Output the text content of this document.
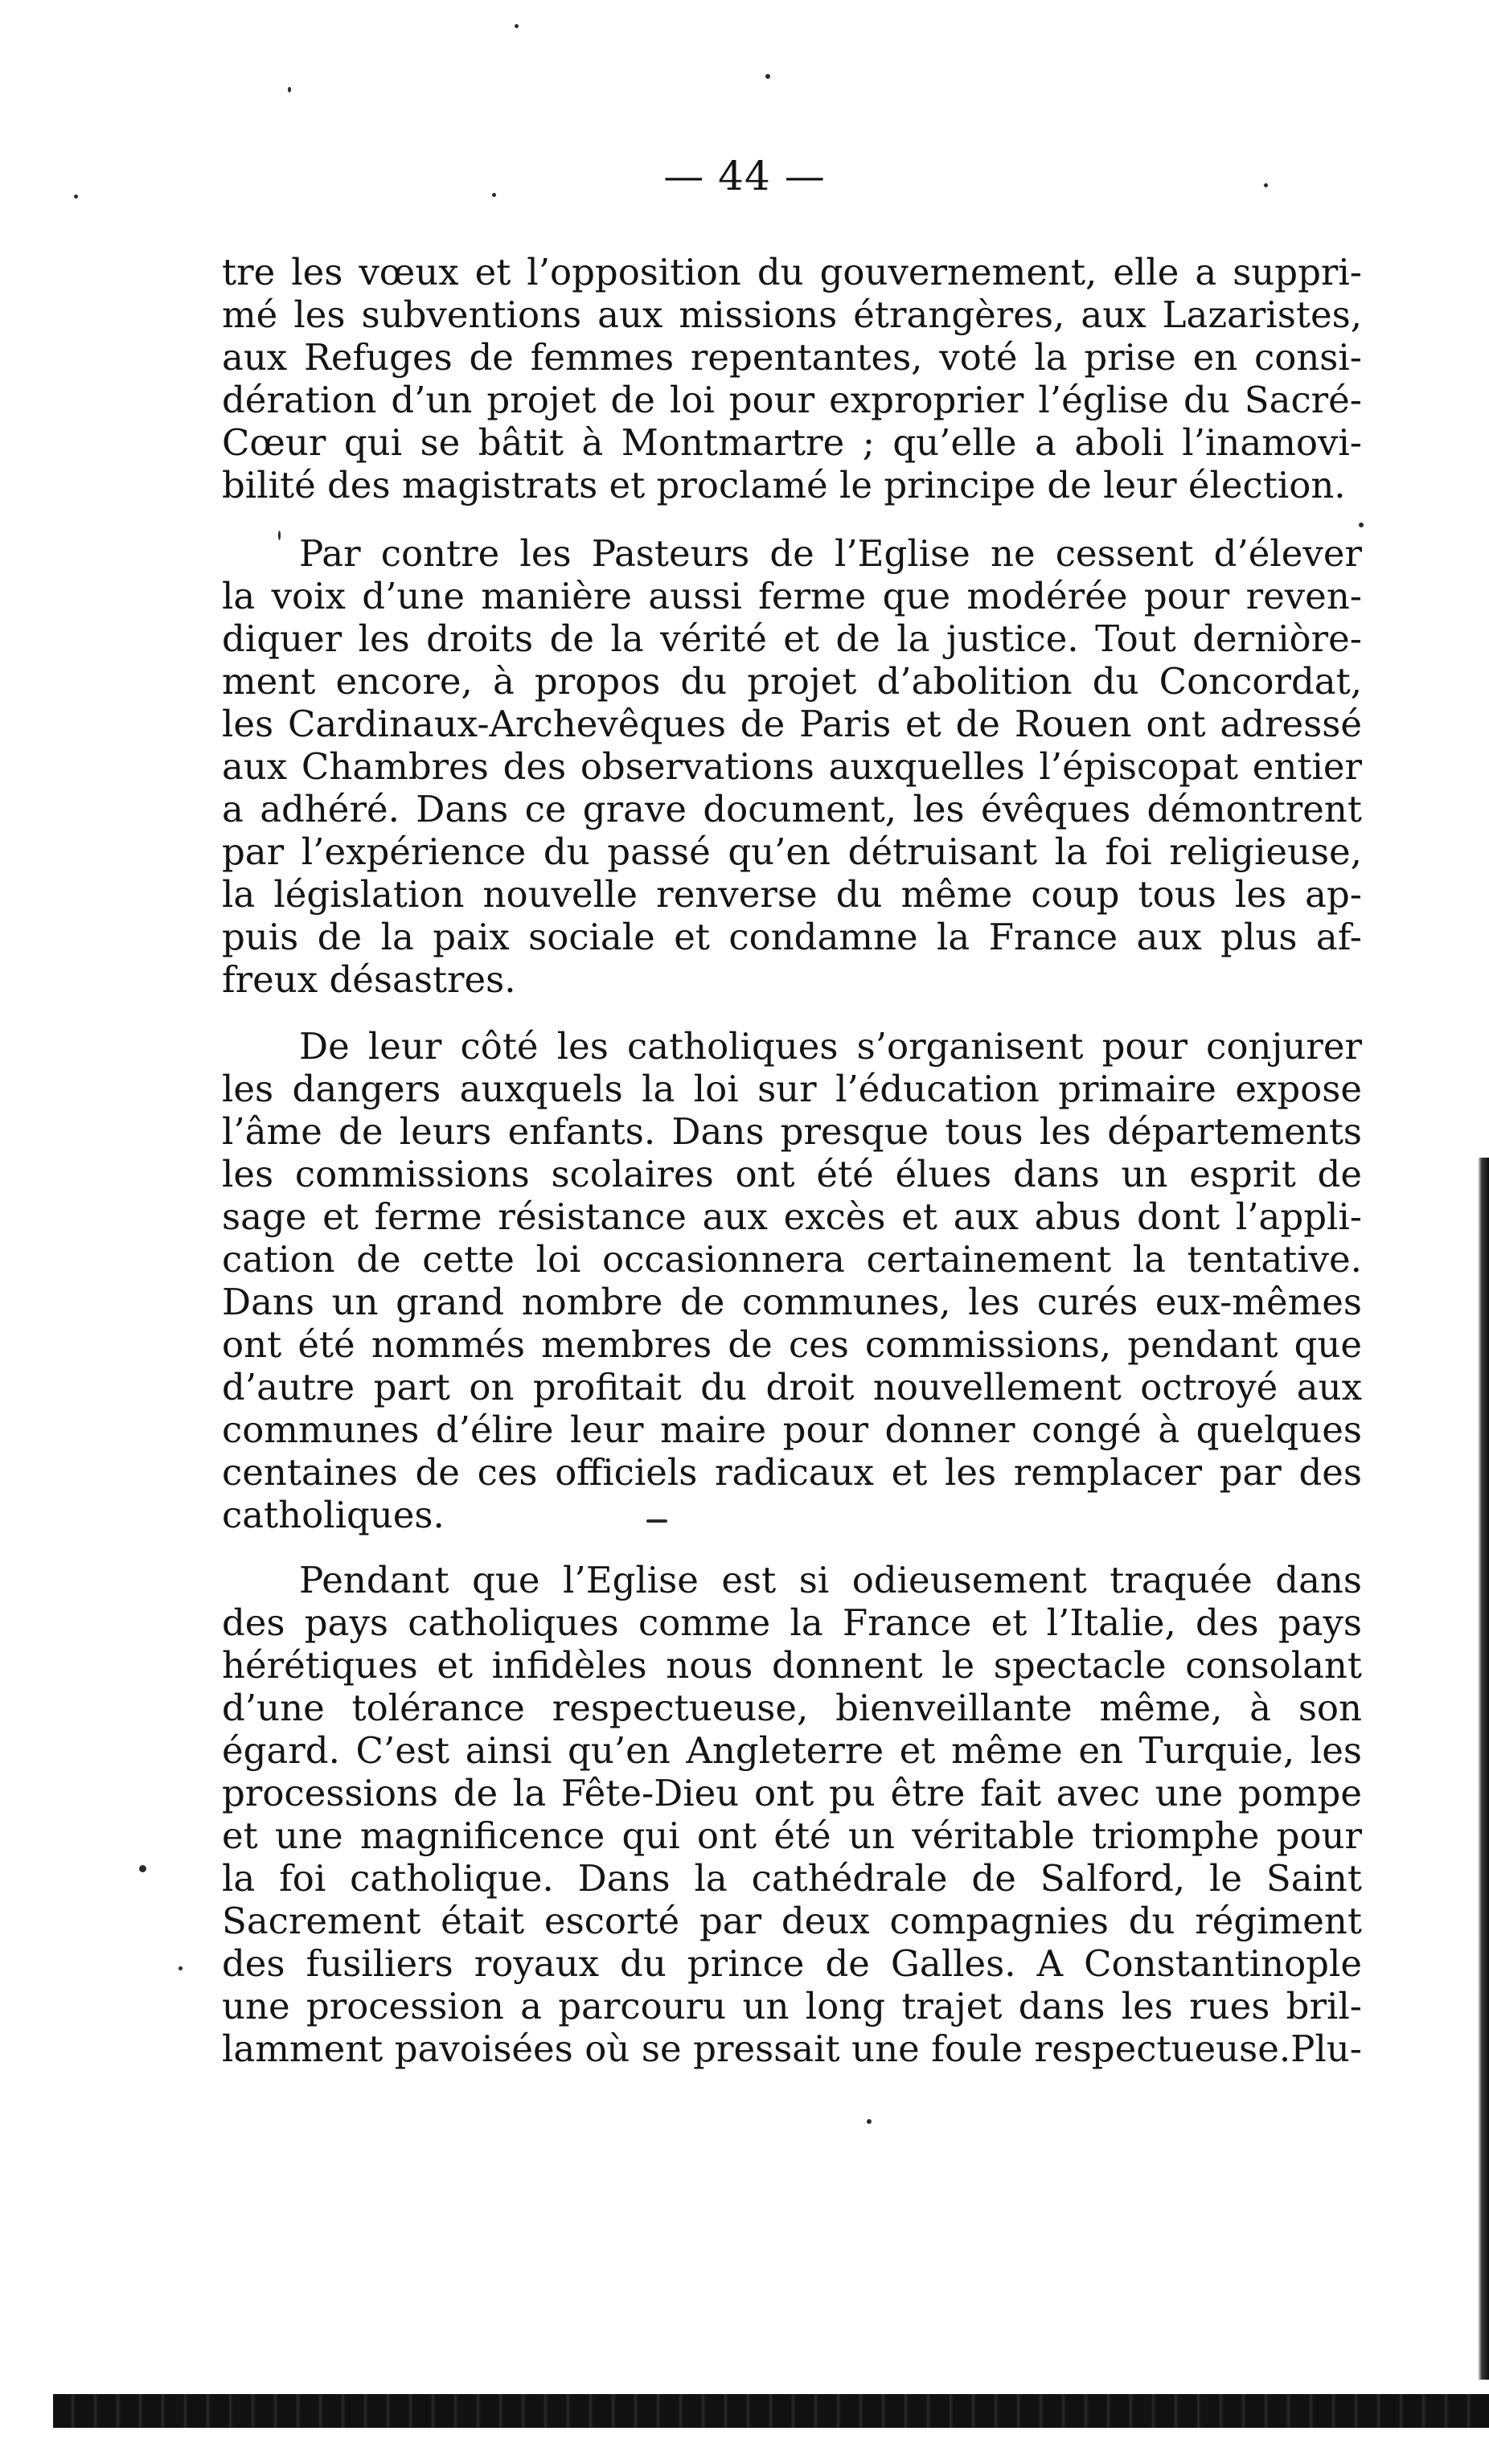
— 44 —
tre les vœux et l’opposition du gouvernement, elle a suppri-
mé les subventions aux missions étrangères, aux Lazaristes,
aux Refuges de femmes repentantes, voté la prise en consi-
dération d’un projet de loi pour exproprier l’église du Sacré-
Cœur qui se bâtit à Montmartre ; qu’elle a aboli l’inamovi-
bilité des magistrats et proclamé le principe de leur élection.
Par contre les Pasteurs de l’Eglise ne cessent d’élever
la voix d’une manière aussi ferme que modérée pour reven-
diquer les droits de la vérité et de la justice. Tout derniòre-
ment encore, à propos du projet d’abolition du Concordat,
les Cardinaux-Archevêques de Paris et de Rouen ont adressé
aux Chambres des observations auxquelles l’épiscopat entier
a adhéré. Dans ce grave document, les évêques démontrent
par l’expérience du passé qu’en détruisant la foi religieuse,
la législation nouvelle renverse du même coup tous les ap-
puis de la paix sociale et condamne la France aux plus af-
freux désastres.
De leur côté les catholiques s’organisent pour conjurer
les dangers auxquels la loi sur l’éducation primaire expose
l’âme de leurs enfants. Dans presque tous les départements
les commissions scolaires ont été élues dans un esprit de
sage et ferme résistance aux excès et aux abus dont l’appli-
cation de cette loi occasionnera certainement la tentative.
Dans un grand nombre de communes, les curés eux-mêmes
ont été nommés membres de ces commissions, pendant que
d’autre part on profitait du droit nouvellement octroyé aux
communes d’élire leur maire pour donner congé à quelques
centaines de ces officiels radicaux et les remplacer par des
catholiques.
Pendant que l’Eglise est si odieusement traquée dans
des pays catholiques comme la France et l’Italie, des pays
hérétiques et infidèles nous donnent le spectacle consolant
d’une tolérance respectueuse, bienveillante même, à son
égard. C’est ainsi qu’en Angleterre et même en Turquie, les
processions de la Fête-Dieu ont pu être fait avec une pompe
et une magnificence qui ont été un véritable triomphe pour
la foi catholique. Dans la cathédrale de Salford, le Saint
Sacrement était escorté par deux compagnies du régiment
des fusiliers royaux du prince de Galles. A Constantinople
une procession a parcouru un long trajet dans les rues bril-
lamment pavoisées où se pressait une foule respectueuse.Plu-
